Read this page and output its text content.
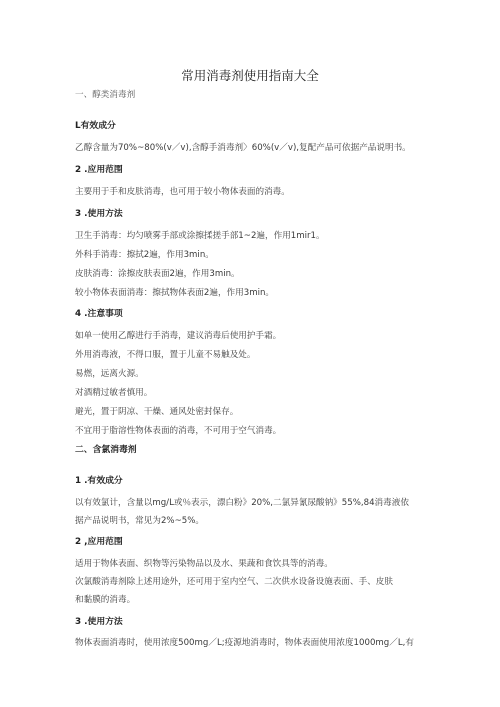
常用消毒剂使用指南大全
一、醇类消毒剂
L有效成分
乙醇含量为70%~80%(v／v),含醇手消毒剂〉60%(v／v),复配产品可依据产品说明书。
2 .应用范围
主要用于手和皮肤消毒，也可用于较小物体表面的消毒。
3 .使用方法
卫生手消毒：均匀喷雾手部或涂擦揉搓手部1~2遍，作用1mir1。
外科手消毒：擦拭2遍，作用3min。
皮肤消毒：涂擦皮肤表面2遍，作用3min。
较小物体表面消毒：擦拭物体表面2遍，作用3min。
4 .注意事项
如单一使用乙醇进行手消毒，建议消毒后使用护手霜。
外用消毒液，不得口服，置于儿童不易触及处。
易燃，远离火源。
对酒精过敏者慎用。
避光，置于阴凉、干燥、通风处密封保存。
不宜用于脂溶性物体表面的消毒，不可用于空气消毒。
二、含氯消毒剂
1 .有效成分
以有效氯计，含量以mg/L或％表示，漂白粉》20%,二氯异氰尿酸钠》55%,84消毒液依
据产品说明书，常见为2%~5%。
2 ,应用范围
适用于物体表面、织物等污染物品以及水、果蔬和食饮具等的消毒。
次氯酸消毒剂除上述用途外，还可用于室内空气、二次供水设备设施表面、手、皮肤
和黏膜的消毒。
3 .使用方法
物体表面消毒时，使用浓度500mg／L;疫源地消毒时，物体表面使用浓度1000mg／L,有
